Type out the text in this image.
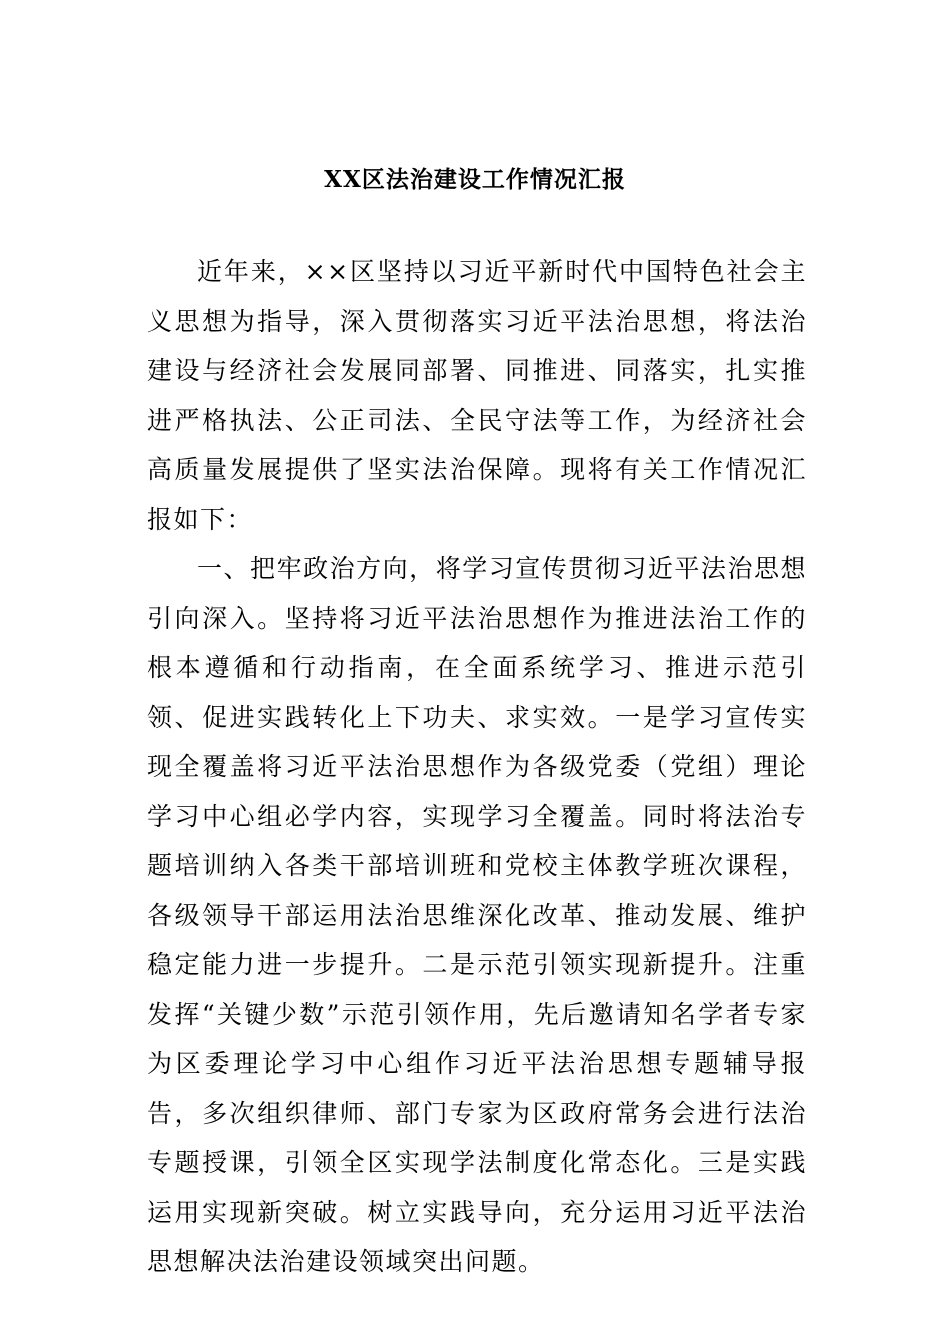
XX区法治建设工作情况汇报

近年来，××区坚持以习近平新时代中国特色社会主义思想为指导，深入贯彻落实习近平法治思想，将法治建设与经济社会发展同部署、同推进、同落实，扎实推进严格执法、公正司法、全民守法等工作，为经济社会高质量发展提供了坚实法治保障。现将有关工作情况汇报如下：

一、把牢政治方向，将学习宣传贯彻习近平法治思想引向深入。坚持将习近平法治思想作为推进法治工作的根本遵循和行动指南，在全面系统学习、推进示范引领、促进实践转化上下功夫、求实效。一是学习宣传实现全覆盖将习近平法治思想作为各级党委（党组）理论学习中心组必学内容，实现学习全覆盖。同时将法治专题培训纳入各类干部培训班和党校主体教学班次课程，各级领导干部运用法治思维深化改革、推动发展、维护稳定能力进一步提升。二是示范引领实现新提升。注重发挥“关键少数”示范引领作用，先后邀请知名学者专家为区委理论学习中心组作习近平法治思想专题辅导报告，多次组织律师、部门专家为区政府常务会进行法治专题授课，引领全区实现学法制度化常态化。三是实践运用实现新突破。树立实践导向，充分运用习近平法治思想解决法治建设领域突出问题。
